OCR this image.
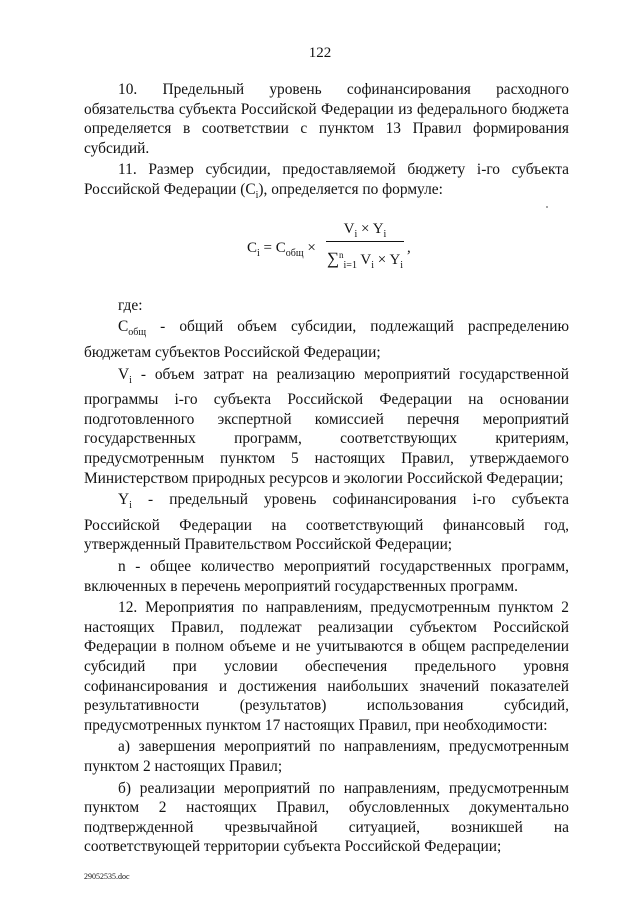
122

10. Предельный уровень софинансирования расходного обязательства субъекта Российской Федерации из федерального бюджета определяется в соответствии с пунктом 13 Правил формирования субсидий.

11. Размер субсидии, предоставляемой бюджету i-го субъекта Российской Федерации $(С_i)$, определяется по формуле:

$C_i = C_{общ}$ ×
$V_i \times Y_i$
∑$^n_{i=1}$ $V_i \times Y_i$
,

где:

$С_{общ}$ - общий объем субсидии, подлежащий распределению бюджетам субъектов Российской Федерации;

$V_i$ - объем затрат на реализацию мероприятий государственной программы i-го субъекта Российской Федерации на основании подготовленного экспертной комиссией перечня мероприятий государственных программ, соответствующих критериям, предусмотренным пунктом 5 настоящих Правил, утверждаемого Министерством природных ресурсов и экологии Российской Федерации;

$Y_i$ - предельный уровень софинансирования i-го субъекта Российской Федерации на соответствующий финансовый год, утвержденный Правительством Российской Федерации;

n - общее количество мероприятий государственных программ, включенных в перечень мероприятий государственных программ.

12. Мероприятия по направлениям, предусмотренным пунктом 2 настоящих Правил, подлежат реализации субъектом Российской Федерации в полном объеме и не учитываются в общем распределении субсидий при условии обеспечения предельного уровня софинансирования и достижения наибольших значений показателей результативности (результатов) использования субсидий, предусмотренных пунктом 17 настоящих Правил, при необходимости:

а) завершения мероприятий по направлениям, предусмотренным пунктом 2 настоящих Правил;

б) реализации мероприятий по направлениям, предусмотренным пунктом 2 настоящих Правил, обусловленных документально подтвержденной чрезвычайной ситуацией, возникшей на соответствующей территории субъекта Российской Федерации;

29052535.doc
